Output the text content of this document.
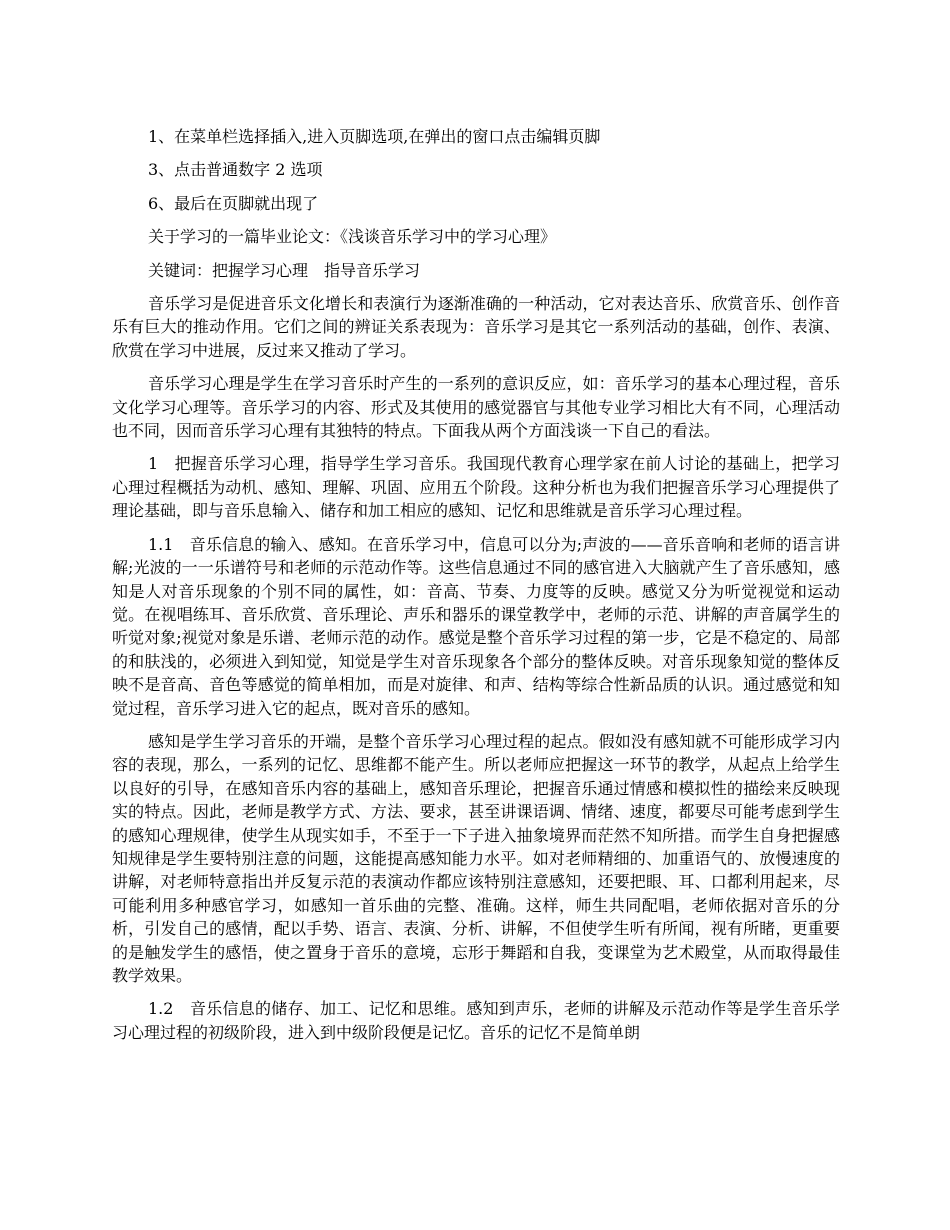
1、在菜单栏选择插入,进入页脚选项,在弹出的窗口点击编辑页脚

3、点击普通数字 2 选项

6、最后在页脚就出现了

关于学习的一篇毕业论文：《浅谈音乐学习中的学习心理》

关键词：把握学习心理　指导音乐学习

音乐学习是促进音乐文化增长和表演行为逐渐准确的一种活动，它对表达音乐、欣赏音乐、创作音乐有巨大的推动作用。它们之间的辨证关系表现为：音乐学习是其它一系列活动的基础，创作、表演、欣赏在学习中进展，反过来又推动了学习。

音乐学习心理是学生在学习音乐时产生的一系列的意识反应，如：音乐学习的基本心理过程，音乐文化学习心理等。音乐学习的内容、形式及其使用的感觉器官与其他专业学习相比大有不同，心理活动也不同，因而音乐学习心理有其独特的特点。下面我从两个方面浅谈一下自己的看法。

1　把握音乐学习心理，指导学生学习音乐。我国现代教育心理学家在前人讨论的基础上，把学习心理过程概括为动机、感知、理解、巩固、应用五个阶段。这种分析也为我们把握音乐学习心理提供了理论基础，即与音乐息输入、储存和加工相应的感知、记忆和思维就是音乐学习心理过程。

1.1　音乐信息的输入、感知。在音乐学习中，信息可以分为;声波的——音乐音响和老师的语言讲解;光波的一一乐谱符号和老师的示范动作等。这些信息通过不同的感官进入大脑就产生了音乐感知，感知是人对音乐现象的个别不同的属性，如：音高、节奏、力度等的反映。感觉又分为听觉视觉和运动觉。在视唱练耳、音乐欣赏、音乐理论、声乐和器乐的课堂教学中，老师的示范、讲解的声音属学生的听觉对象;视觉对象是乐谱、老师示范的动作。感觉是整个音乐学习过程的第一步，它是不稳定的、局部的和肤浅的，必须进入到知觉，知觉是学生对音乐现象各个部分的整体反映。对音乐现象知觉的整体反映不是音高、音色等感觉的简单相加，而是对旋律、和声、结构等综合性新品质的认识。通过感觉和知觉过程，音乐学习进入它的起点，既对音乐的感知。

感知是学生学习音乐的开端，是整个音乐学习心理过程的起点。假如没有感知就不可能形成学习内容的表现，那么，一系列的记忆、思维都不能产生。所以老师应把握这一环节的教学，从起点上给学生以良好的引导，在感知音乐内容的基础上，感知音乐理论，把握音乐通过情感和模拟性的描绘来反映现实的特点。因此，老师是教学方式、方法、要求，甚至讲课语调、情绪、速度，都要尽可能考虑到学生的感知心理规律，使学生从现实如手，不至于一下子进入抽象境界而茫然不知所措。而学生自身把握感知规律是学生要特别注意的问题，这能提高感知能力水平。如对老师精细的、加重语气的、放慢速度的讲解，对老师特意指出并反复示范的表演动作都应该特别注意感知，还要把眼、耳、口都利用起来，尽可能利用多种感官学习，如感知一首乐曲的完整、准确。这样，师生共同配唱，老师依据对音乐的分析，引发自己的感情，配以手势、语言、表演、分析、讲解，不但使学生听有所闻，视有所睹，更重要的是触发学生的感悟，使之置身于音乐的意境，忘形于舞蹈和自我，变课堂为艺术殿堂，从而取得最佳教学效果。

1.2　音乐信息的储存、加工、记忆和思维。感知到声乐，老师的讲解及示范动作等是学生音乐学习心理过程的初级阶段，进入到中级阶段便是记忆。音乐的记忆不是简单朗
